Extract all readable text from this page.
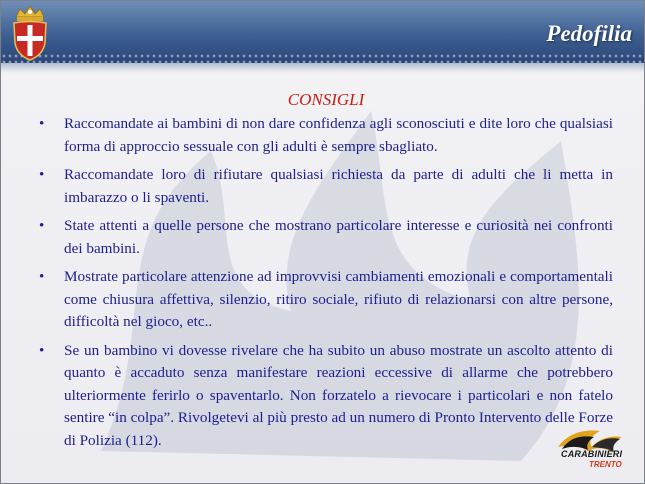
Pedofilia
CONSIGLI
• Raccomandate ai bambini di non dare confidenza agli sconosciuti e dite loro che qualsiasi forma di approccio sessuale con gli adulti è sempre sbagliato.
• Raccomandate loro di rifiutare qualsiasi richiesta da parte di adulti che li metta in imbarazzo o li spaventi.
• State attenti a quelle persone che mostrano particolare interesse e curiosità nei confronti dei bambini.
• Mostrate particolare attenzione ad improvvisi cambiamenti emozionali e comportamentali come chiusura affettiva, silenzio, ritiro sociale, rifiuto di relazionarsi con altre persone, difficoltà nel gioco, etc..
• Se un bambino vi dovesse rivelare che ha subito un abuso mostrate un ascolto attento di quanto è accaduto senza manifestare reazioni eccessive di allarme che potrebbero ulteriormente ferirlo o spaventarlo. Non forzatelo a rievocare i particolari e non fatelo sentire “in colpa”. Rivolgetevi al più presto ad un numero di Pronto Intervento delle Forze di Polizia (112).
CARABINIERI
TRENTO
